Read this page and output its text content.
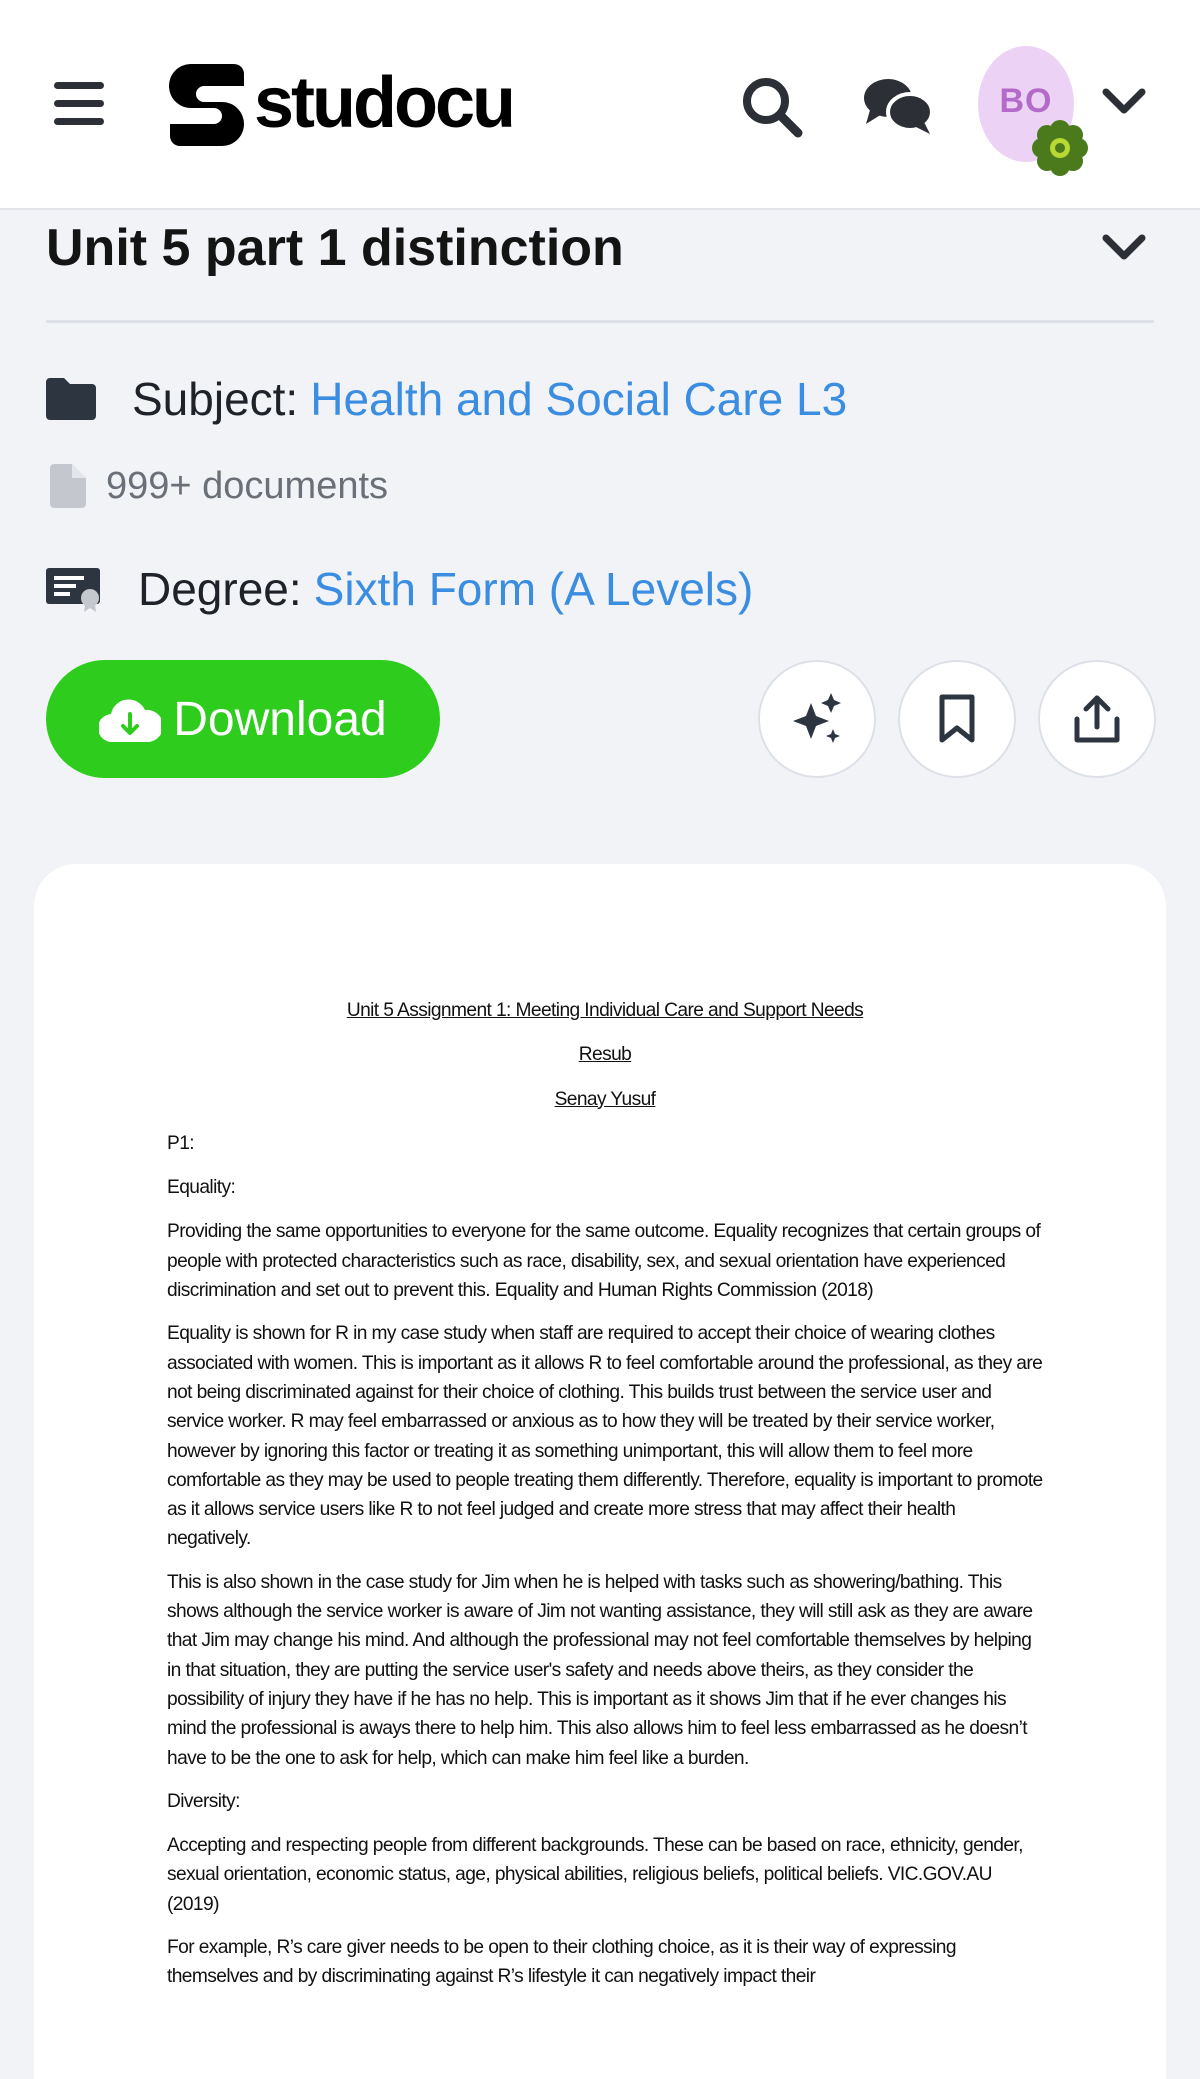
studocu	BO
Unit 5 part 1 distinction
Subject: Health and Social Care L3
999+ documents
Degree: Sixth Form (A Levels)
Download

Unit 5 Assignment 1: Meeting Individual Care and Support Needs

Resub

Senay Yusuf

P1:

Equality:

Providing the same opportunities to everyone for the same outcome. Equality recognizes that certain groups of people with protected characteristics such as race, disability, sex, and sexual orientation have experienced discrimination and set out to prevent this. Equality and Human Rights Commission (2018)

Equality is shown for R in my case study when staff are required to accept their choice of wearing clothes associated with women. This is important as it allows R to feel comfortable around the professional, as they are not being discriminated against for their choice of clothing. This builds trust between the service user and service worker. R may feel embarrassed or anxious as to how they will be treated by their service worker, however by ignoring this factor or treating it as something unimportant, this will allow them to feel more comfortable as they may be used to people treating them differently. Therefore, equality is important to promote as it allows service users like R to not feel judged and create more stress that may affect their health negatively.

This is also shown in the case study for Jim when he is helped with tasks such as showering/bathing. This shows although the service worker is aware of Jim not wanting assistance, they will still ask as they are aware that Jim may change his mind. And although the professional may not feel comfortable themselves by helping in that situation, they are putting the service user's safety and needs above theirs, as they consider the possibility of injury they have if he has no help. This is important as it shows Jim that if he ever changes his mind the professional is aways there to help him. This also allows him to feel less embarrassed as he doesn’t have to be the one to ask for help, which can make him feel like a burden.

Diversity:

Accepting and respecting people from different backgrounds. These can be based on race, ethnicity, gender, sexual orientation, economic status, age, physical abilities, religious beliefs, political beliefs. VIC.GOV.AU (2019)

For example, R’s care giver needs to be open to their clothing choice, as it is their way of expressing themselves and by discriminating against R’s lifestyle it can negatively impact their
